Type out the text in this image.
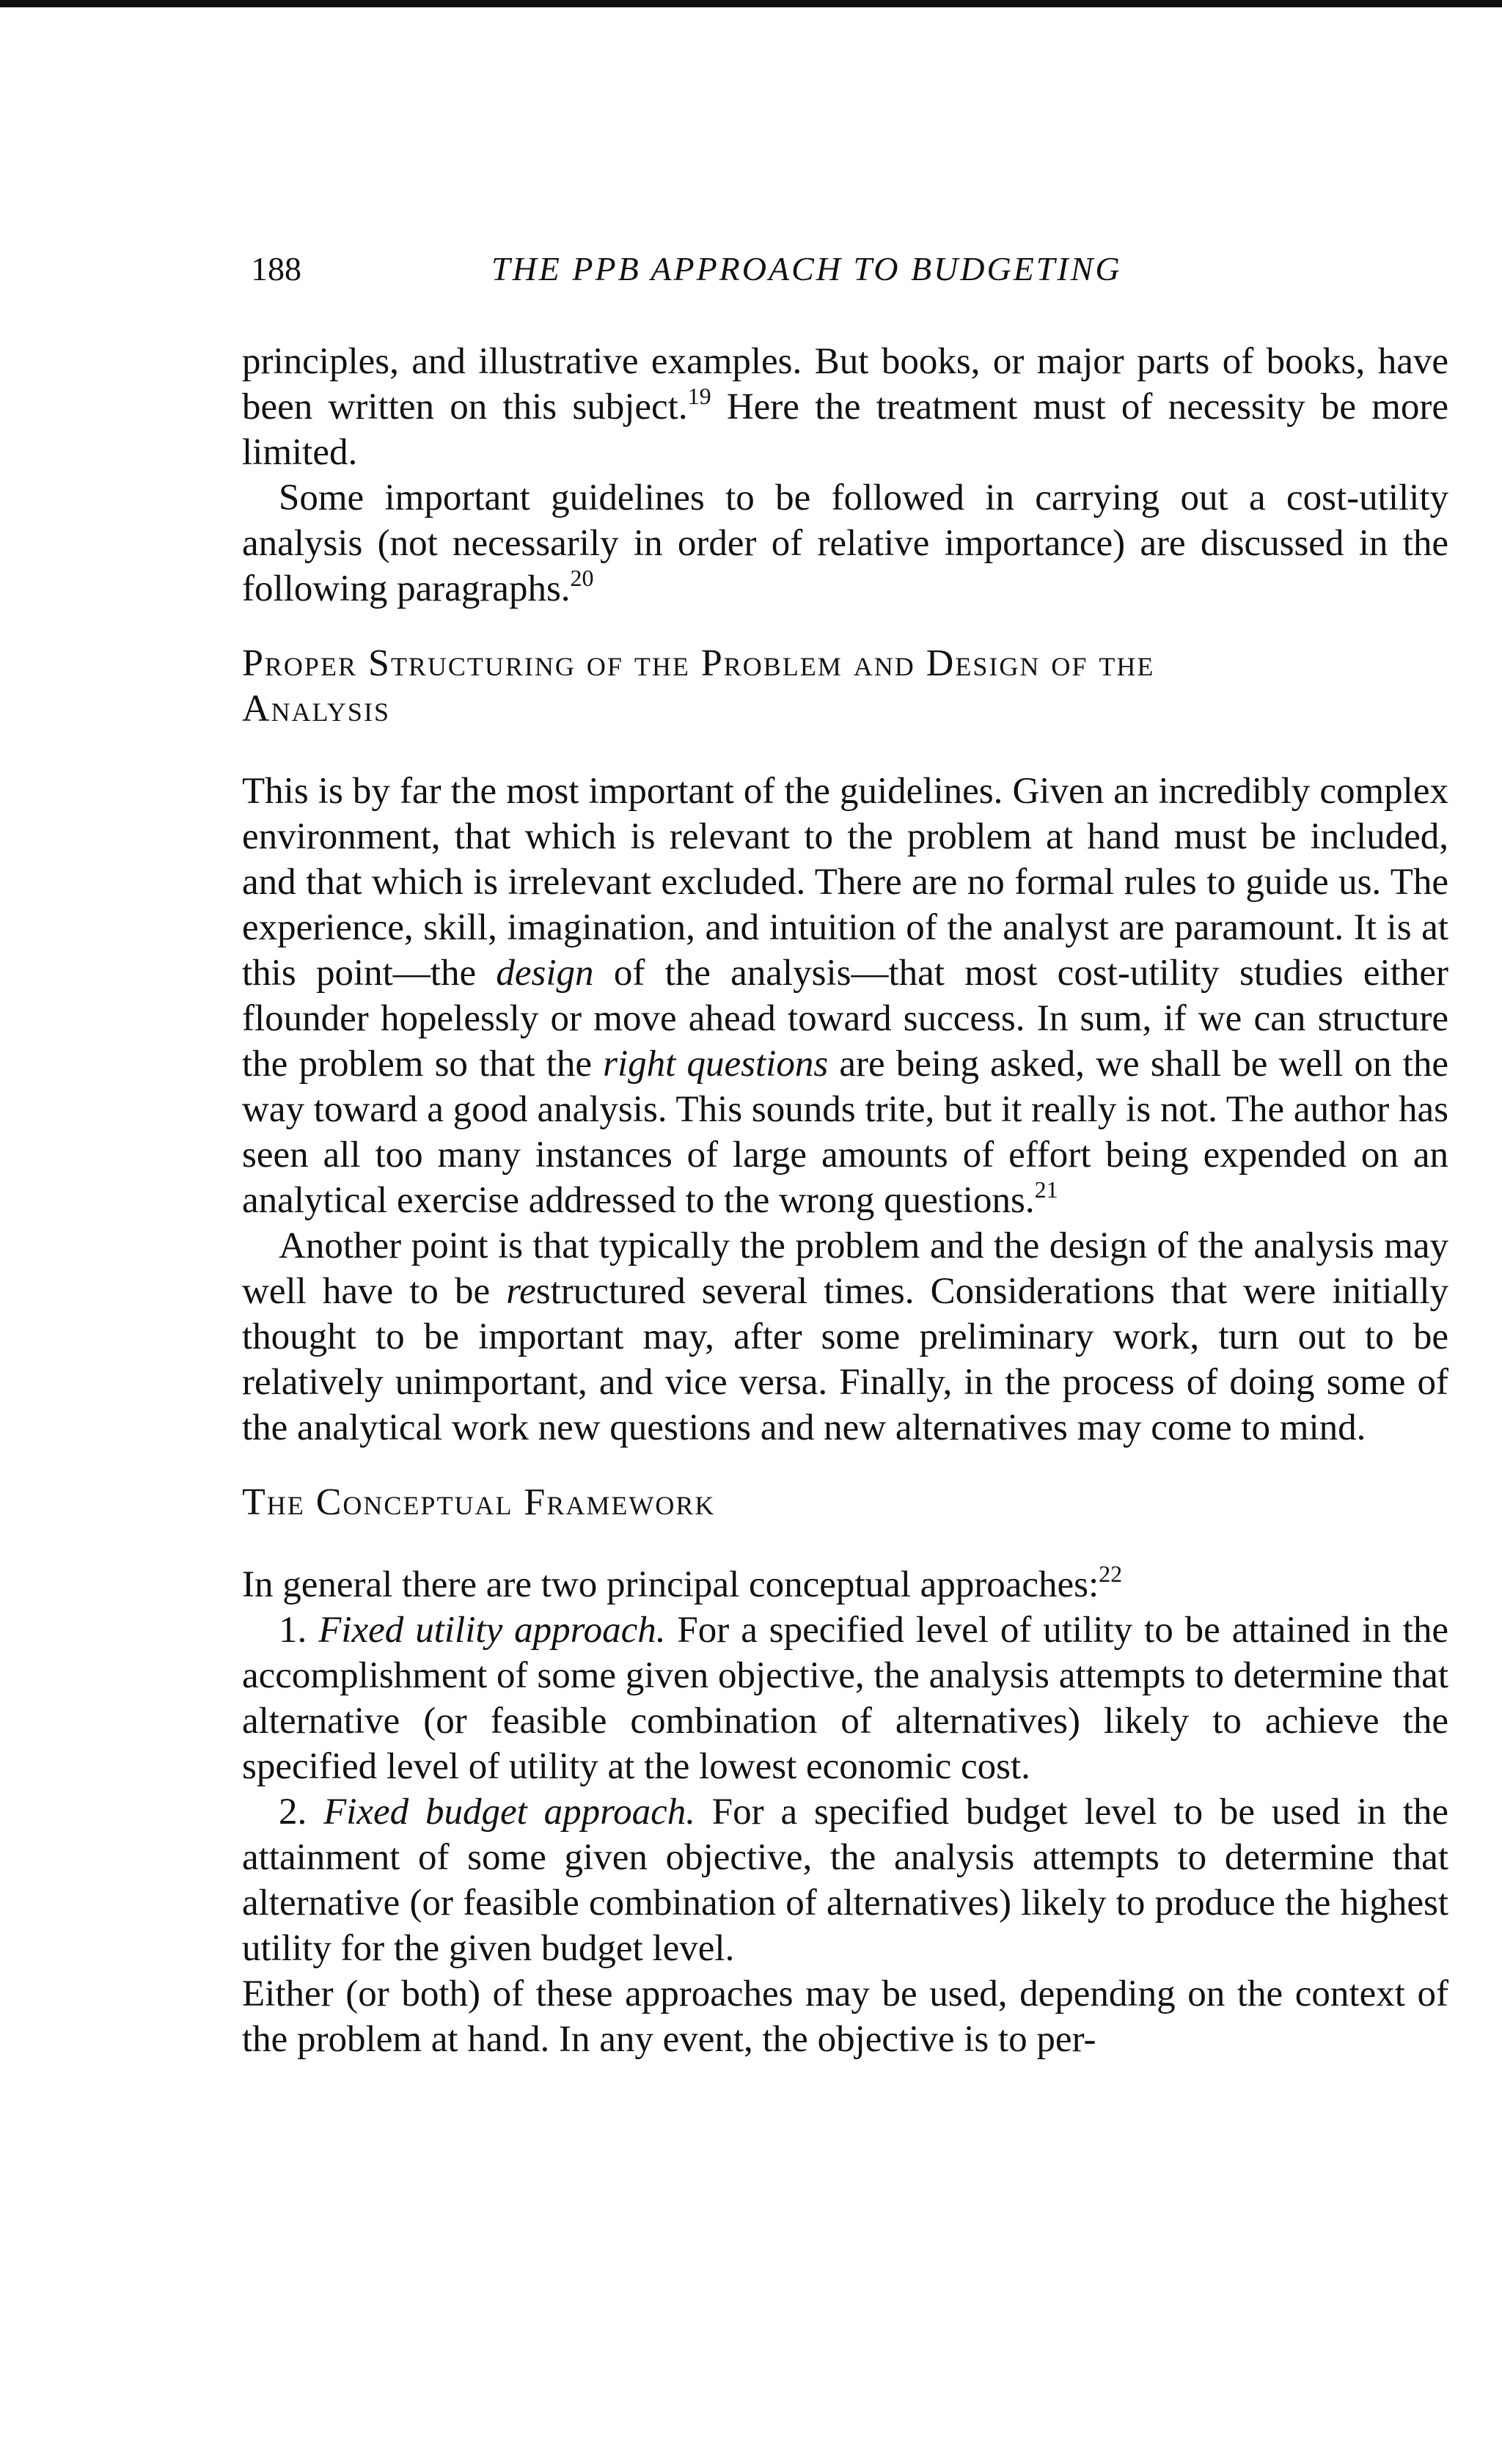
188	THE PPB APPROACH TO BUDGETING

principles, and illustrative examples. But books, or major parts of books, have been written on this subject.$^{19}$ Here the treatment must of necessity be more limited.

Some important guidelines to be followed in carrying out a cost-utility analysis (not necessarily in order of relative importance) are discussed in the following paragraphs.$^{20}$

Proper Structuring of the Problem and Design of the
Analysis

This is by far the most important of the guidelines. Given an incredibly complex environment, that which is relevant to the problem at hand must be included, and that which is irrelevant excluded. There are no formal rules to guide us. The experience, skill, imagination, and intuition of the analyst are paramount. It is at this point—the design of the analysis—that most cost-utility studies either flounder hopelessly or move ahead toward success. In sum, if we can structure the problem so that the right questions are being asked, we shall be well on the way toward a good analysis. This sounds trite, but it really is not. The author has seen all too many instances of large amounts of effort being expended on an analytical exercise addressed to the wrong questions.$^{21}$

Another point is that typically the problem and the design of the analysis may well have to be restructured several times. Considerations that were initially thought to be important may, after some preliminary work, turn out to be relatively unimportant, and vice versa. Finally, in the process of doing some of the analytical work new questions and new alternatives may come to mind.

The Conceptual Framework

In general there are two principal conceptual approaches:$^{22}$

1. Fixed utility approach. For a specified level of utility to be attained in the accomplishment of some given objective, the analysis attempts to determine that alternative (or feasible combination of alternatives) likely to achieve the specified level of utility at the lowest economic cost.

2. Fixed budget approach. For a specified budget level to be used in the attainment of some given objective, the analysis attempts to determine that alternative (or feasible combination of alternatives) likely to produce the highest utility for the given budget level.

Either (or both) of these approaches may be used, depending on the context of the problem at hand. In any event, the objective is to per-
